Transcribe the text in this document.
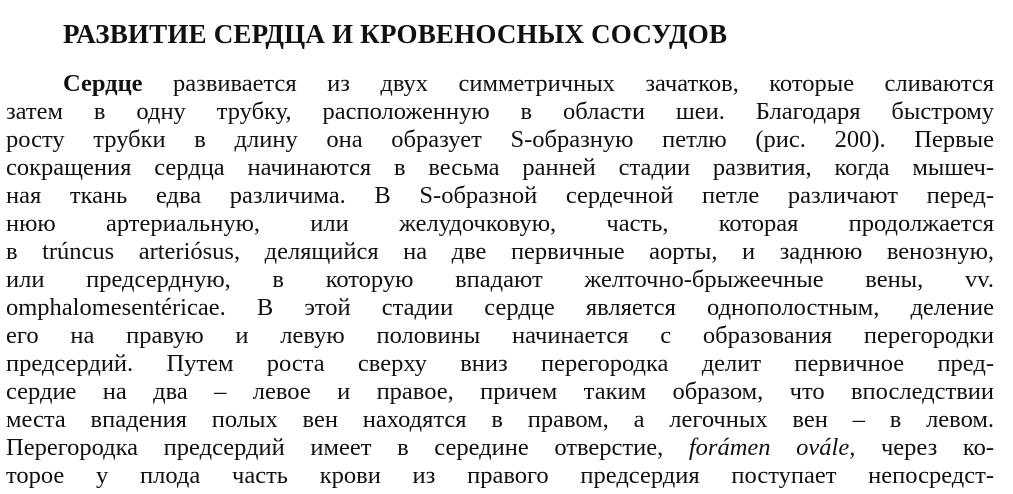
РАЗВИТИЕ СЕРДЦА И КРОВЕНОСНЫХ СОСУДОВ
Сердце развивается из двух симметричных зачатков, которые сливаются
затем в одну трубку, расположенную в области шеи. Благодаря быстрому
росту трубки в длину она образует S-образную петлю (рис. 200). Первые
сокращения сердца начинаются в весьма ранней стадии развития, когда мышеч-
ная ткань едва различима. В S-образной сердечной петле различают перед-
нюю артериальную, или желудочковую, часть, которая продолжается
в trúncus arteriósus, делящийся на две первичные аорты, и заднюю венозную,
или предсердную, в которую впадают желточно-брыжеечные вены, vv.
omphalomesentéricae. В этой стадии сердце является однополостным, деление
его на правую и левую половины начинается с образования перегородки
предсердий. Путем роста сверху вниз перегородка делит первичное пред-
сердие на два – левое и правое, причем таким образом, что впоследствии
места впадения полых вен находятся в правом, а легочных вен – в левом.
Перегородка предсердий имеет в середине отверстие, forámen ovále, через ко-
торое у плода часть крови из правого предсердия поступает непосредст-
